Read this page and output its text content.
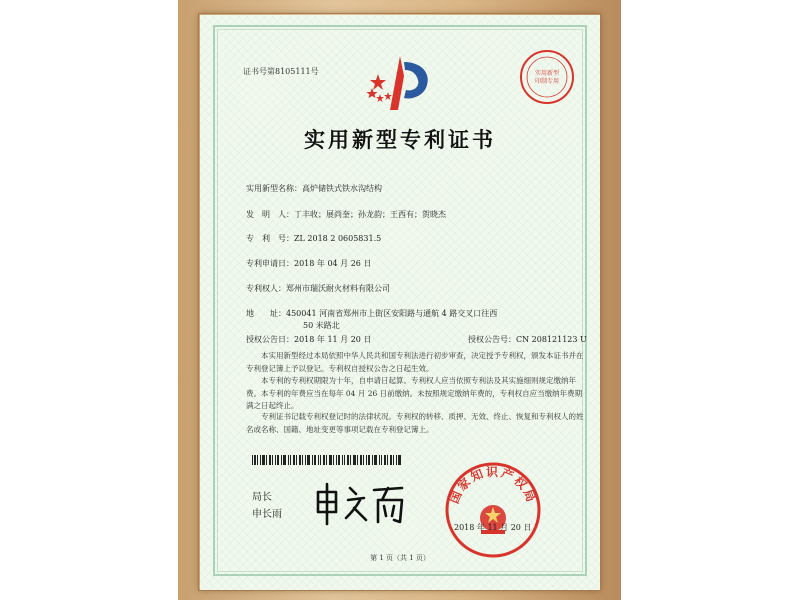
证书号第8105111号	实用新型
印制专用
实用新型专利证书
实用新型名称：高炉储铁式铁水沟结构
发　明　人：丁丰收；展尚奎；孙龙韵；王西有；贺晓杰
专　利　号：ZL 2018 2 0605831.5
专利申请日：2018 年 04 月 26 日
专利权人：郑州市瑞沃耐火材料有限公司
地　　址：450041 河南省郑州市上街区安阳路与通航 4 路交叉口往西
50 米路北
授权公告日：2018 年 11 月 20 日	授权公告号：CN 208121123 U
本实用新型经过本局依照中华人民共和国专利法进行初步审查，决定授予专利权，颁发本证书并在专利登记簿上予以登记。专利权自授权公告之日起生效。
本专利的专利权期限为十年，自申请日起算。专利权人应当依照专利法及其实施细则规定缴纳年费。本专利的年费应当在每年 04 月 26 日前缴纳。未按照规定缴纳年费的，专利权自应当缴纳年费期满之日起终止。
专利证书记载专利权登记时的法律状况。专利权的转移、质押、无效、终止、恢复和专利权人的姓名或名称、国籍、地址变更等事项记载在专利登记簿上。
局长
申长雨
国家知识产权局
2018 年 11 月 20 日
第 1 页（共 1 页）
